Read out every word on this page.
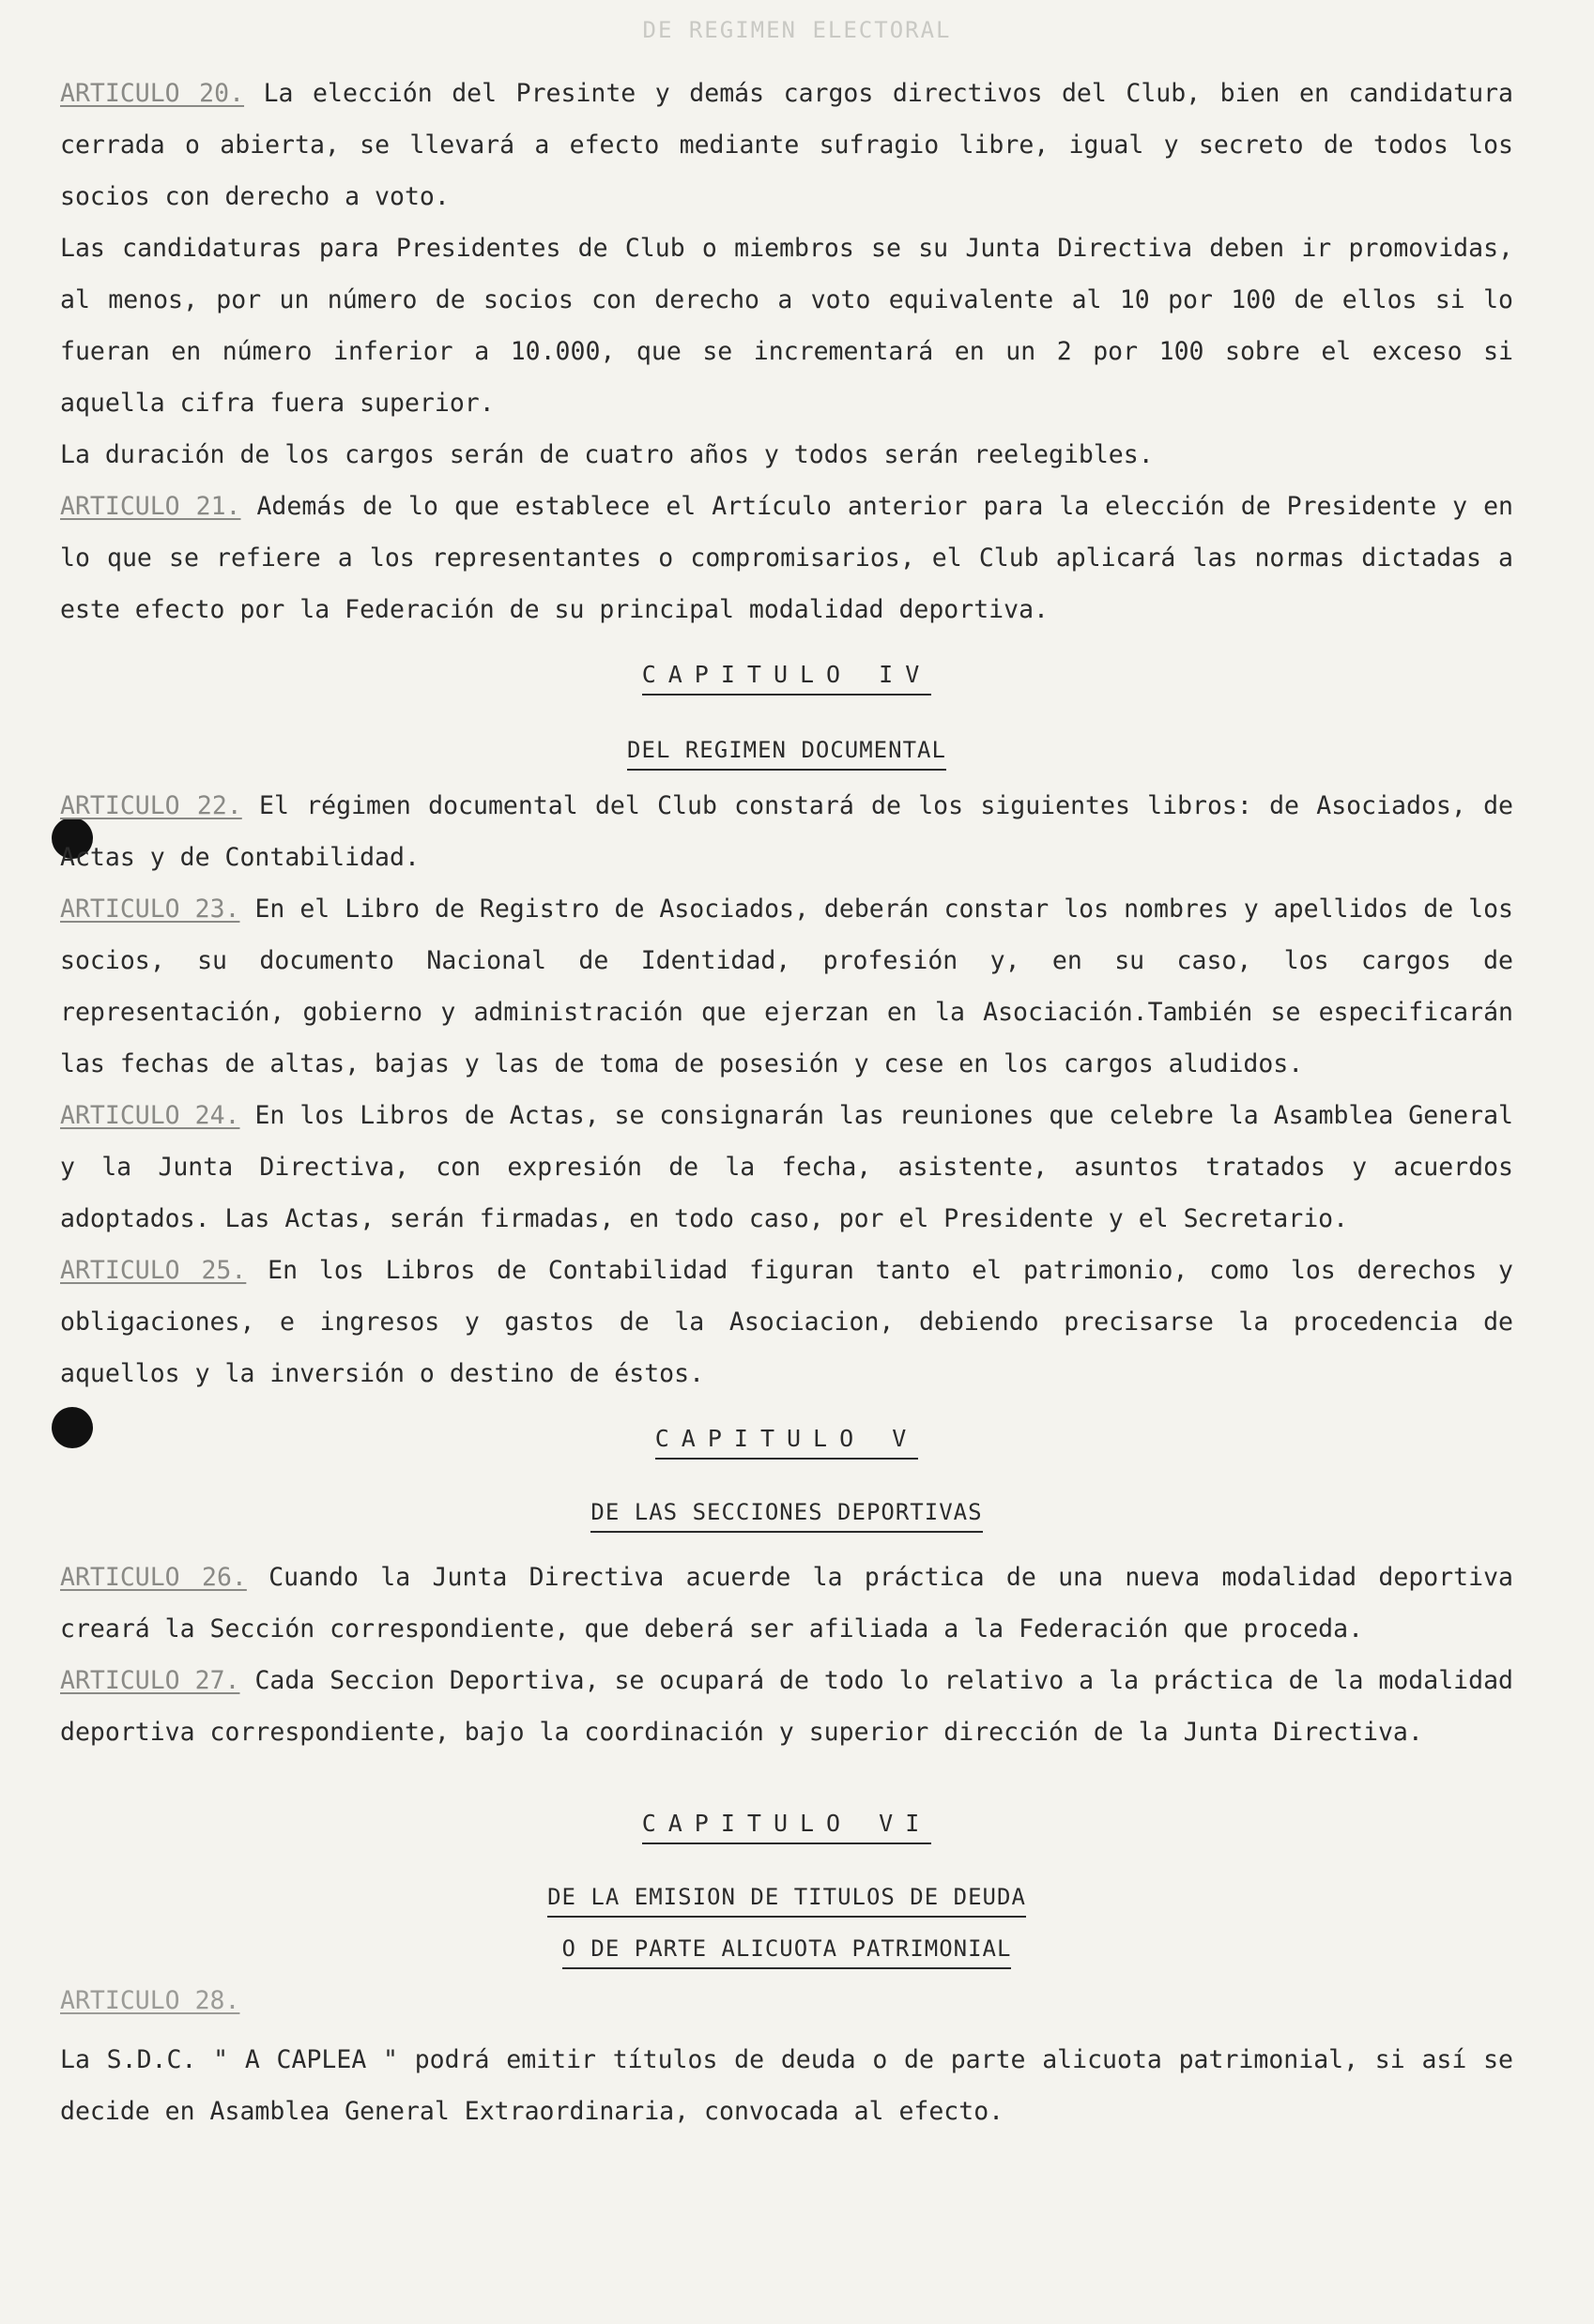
DE REGIMEN ELECTORAL

ARTICULO 20. La elección del Presinte y demás cargos directivos del Club, bien en candidatura cerrada o abierta, se llevará a efecto mediante sufragio libre, igual y secreto de todos los socios con derecho a voto.

Las candidaturas para Presidentes de Club o miembros se su Junta Directiva deben ir promovidas, al menos, por un número de socios con derecho a voto equivalente al 10 por 100 de ellos si lo fueran en número inferior a 10.000, que se incrementará en un 2 por 100 sobre el exceso si aquella cifra fuera superior.

La duración de los cargos serán de cuatro años y todos serán reelegibles.

ARTICULO 21. Además de lo que establece el Artículo anterior para la elección de Presidente y en lo que se refiere a los representantes o compromisarios, el Club aplicará las normas dictadas a este efecto por la Federación de su principal modalidad deportiva.

CAPITULO IV

DEL REGIMEN DOCUMENTAL

ARTICULO 22. El régimen documental del Club constará de los siguientes libros: de Asociados, de Actas y de Contabilidad.

ARTICULO 23. En el Libro de Registro de Asociados, deberán constar los nombres y apellidos de los socios, su documento Nacional de Identidad, profesión y, en su caso, los cargos de representación, gobierno y administración que ejerzan en la Asociación.También se especificarán las fechas de altas, bajas y las de toma de posesión y cese en los cargos aludidos.

ARTICULO 24. En los Libros de Actas, se consignarán las reuniones que celebre la Asamblea General y la Junta Directiva, con expresión de la fecha, asistente, asuntos tratados y acuerdos adoptados. Las Actas, serán firmadas, en todo caso, por el Presidente y el Secretario.

ARTICULO 25. En los Libros de Contabilidad figuran tanto el patrimonio, como los derechos y obligaciones, e ingresos y gastos de la Asociacion, debiendo precisarse la procedencia de aquellos y la inversión o destino de éstos.

CAPITULO V

DE LAS SECCIONES DEPORTIVAS

ARTICULO 26. Cuando la Junta Directiva acuerde la práctica de una nueva modalidad deportiva creará la Sección correspondiente, que deberá ser afiliada a la Federación que proceda.

ARTICULO 27. Cada Seccion Deportiva, se ocupará de todo lo relativo a la práctica de la modalidad deportiva correspondiente, bajo la coordinación y superior dirección de la Junta Directiva.

CAPITULO VI

DE LA EMISION DE TITULOS DE DEUDA

O DE PARTE ALICUOTA PATRIMONIAL

ARTICULO 28.

La S.D.C. " A CAPLEA " podrá emitir títulos de deuda o de parte alicuota patrimonial, si así se decide en Asamblea General Extraordinaria, convocada al efecto.
